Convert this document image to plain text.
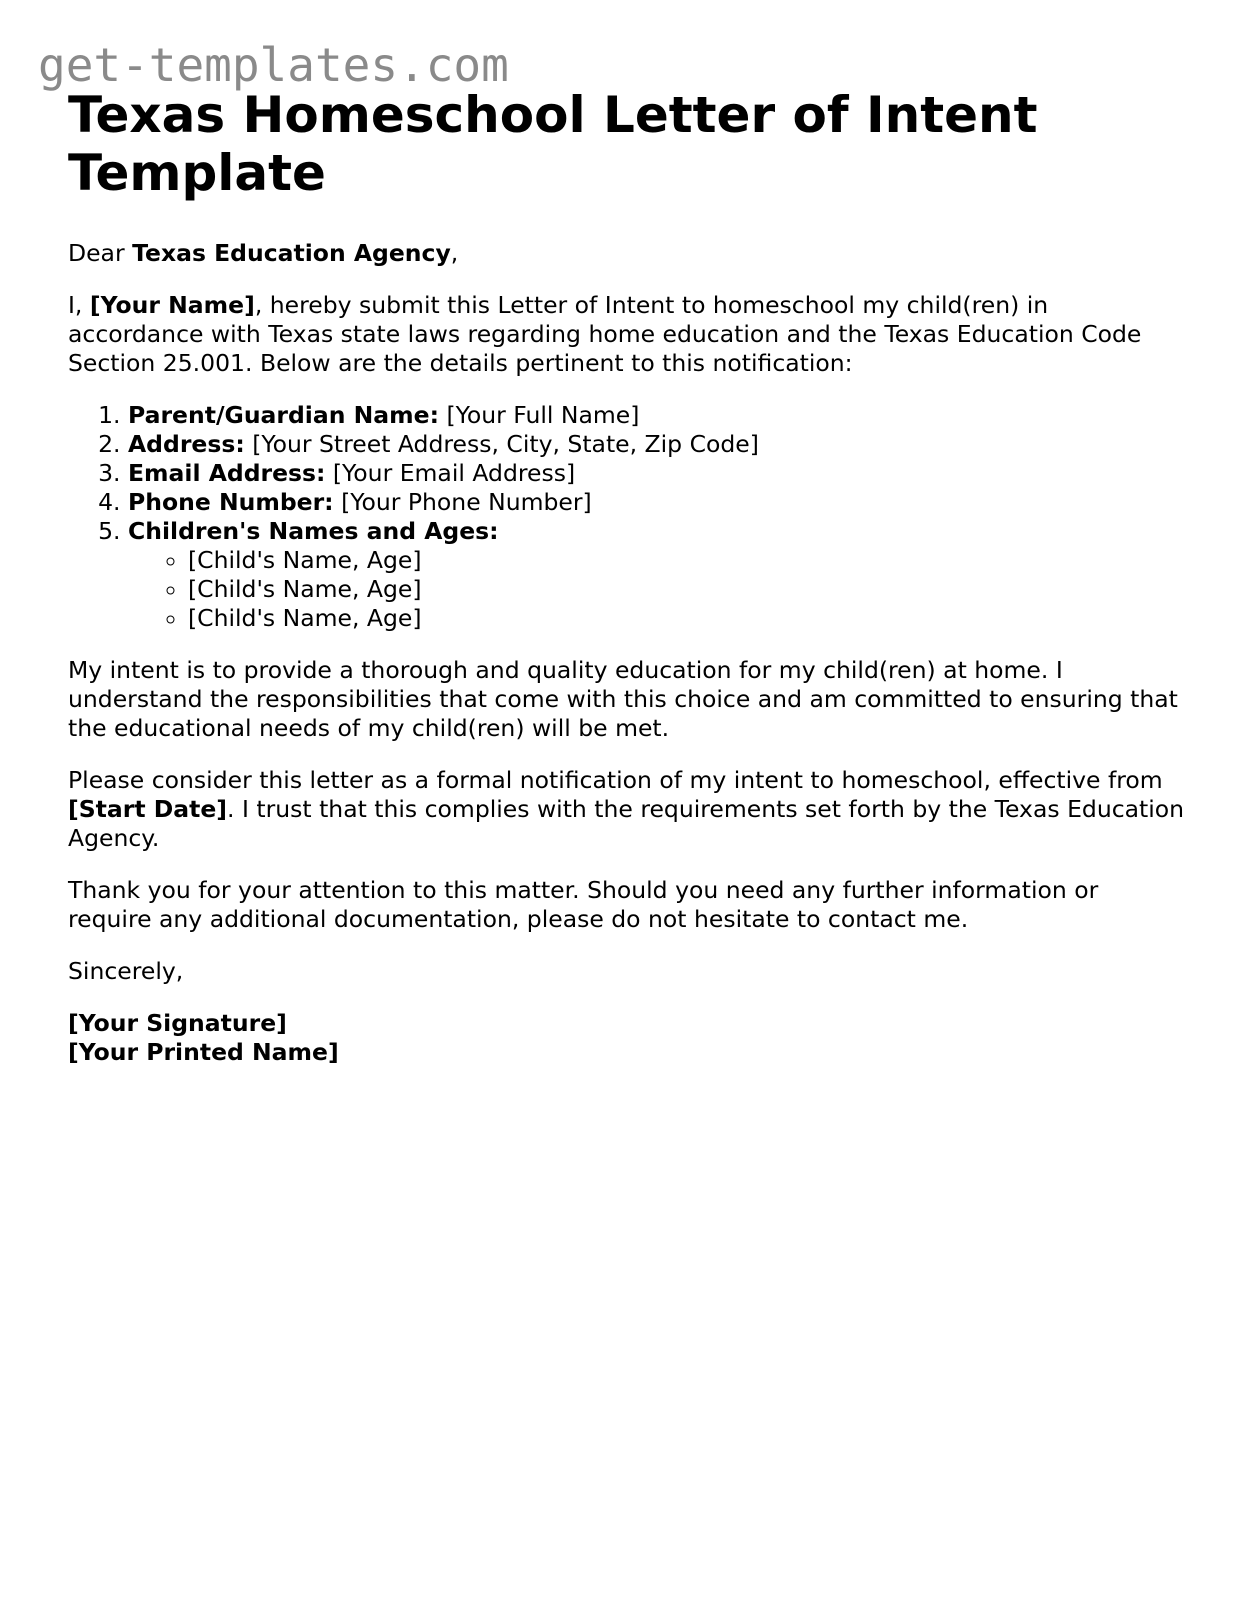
get-templates.com
Texas Homeschool Letter of Intent Template

Dear Texas Education Agency,

I, [Your Name], hereby submit this Letter of Intent to homeschool my child(ren) in accordance with Texas state laws regarding home education and the Texas Education Code Section 25.001. Below are the details pertinent to this notification:

1. Parent/Guardian Name: [Your Full Name]
2. Address: [Your Street Address, City, State, Zip Code]
3. Email Address: [Your Email Address]
4. Phone Number: [Your Phone Number]
5. Children's Names and Ages:
◦ [Child's Name, Age]
◦ [Child's Name, Age]
◦ [Child's Name, Age]

My intent is to provide a thorough and quality education for my child(ren) at home. I understand the responsibilities that come with this choice and am committed to ensuring that the educational needs of my child(ren) will be met.

Please consider this letter as a formal notification of my intent to homeschool, effective from [Start Date]. I trust that this complies with the requirements set forth by the Texas Education Agency.

Thank you for your attention to this matter. Should you need any further information or require any additional documentation, please do not hesitate to contact me.

Sincerely,

[Your Signature]
[Your Printed Name]
